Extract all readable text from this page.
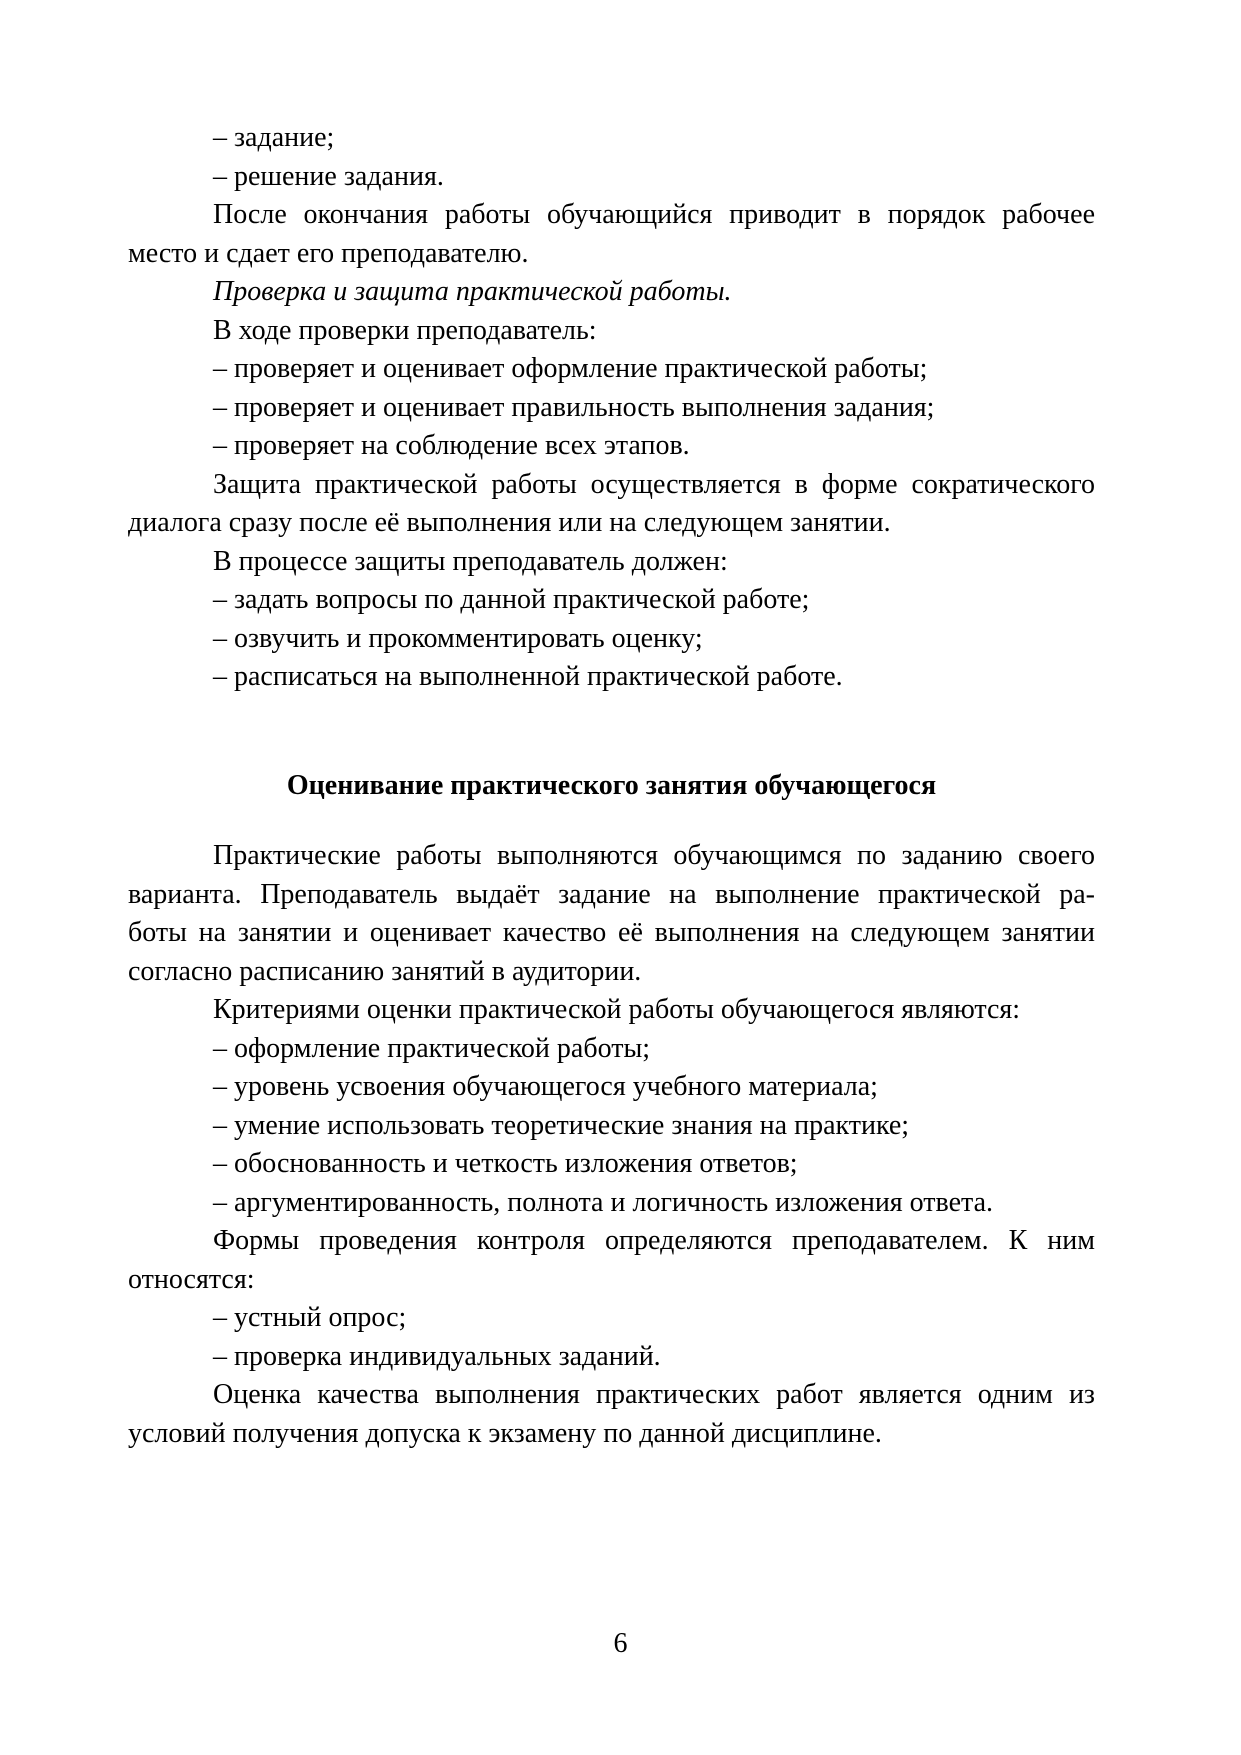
– задание;
– решение задания.
После окончания работы обучающийся приводит в порядок рабочее
место и сдает его преподавателю.
Проверка и защита практической работы.
В ходе проверки преподаватель:
– проверяет и оценивает оформление практической работы;
– проверяет и оценивает правильность выполнения задания;
– проверяет на соблюдение всех этапов.
Защита практической работы осуществляется в форме сократического
диалога сразу после её выполнения или на следующем занятии.
В процессе защиты преподаватель должен:
– задать вопросы по данной практической работе;
– озвучить и прокомментировать оценку;
– расписаться на выполненной практической работе.
Оценивание практического занятия обучающегося
Практические работы выполняются обучающимся по заданию своего
варианта. Преподаватель выдаёт задание на выполнение практической ра-
боты на занятии и оценивает качество её выполнения на следующем занятии
согласно расписанию занятий в аудитории.
Критериями оценки практической работы обучающегося являются:
– оформление практической работы;
– уровень усвоения обучающегося учебного материала;
– умение использовать теоретические знания на практике;
– обоснованность и четкость изложения ответов;
– аргументированность, полнота и логичность изложения ответа.
Формы проведения контроля определяются преподавателем. К ним
относятся:
– устный опрос;
– проверка индивидуальных заданий.
Оценка качества выполнения практических работ является одним из
условий получения допуска к экзамену по данной дисциплине.
6
